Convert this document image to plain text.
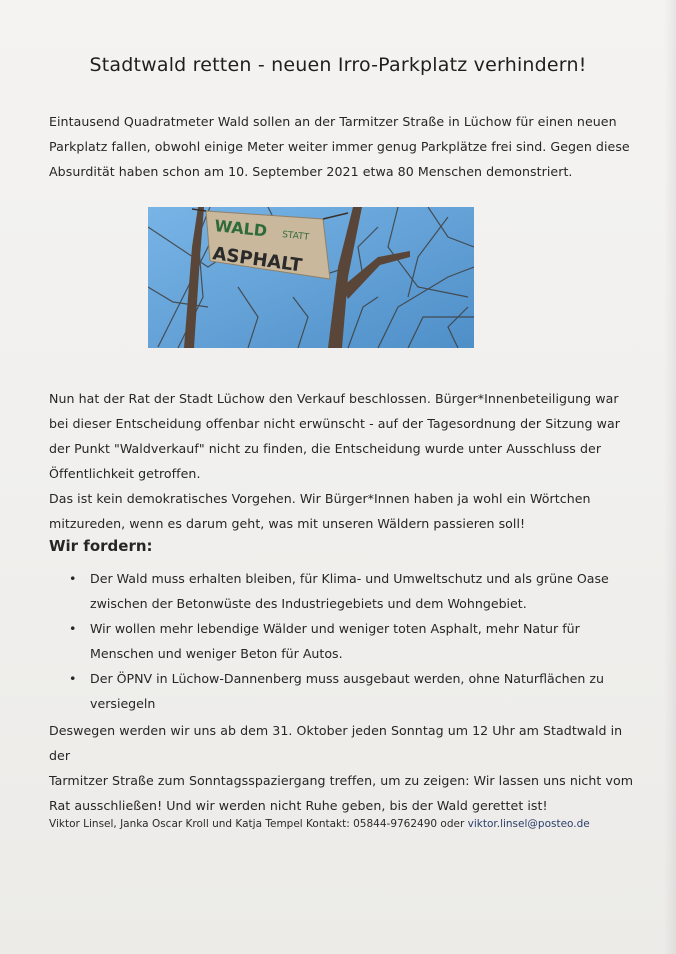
Stadtwald retten - neuen Irro-Parkplatz verhindern!

Eintausend Quadratmeter Wald sollen an der Tarmitzer Straße in Lüchow für einen neuen
Parkplatz fallen, obwohl einige Meter weiter immer genug Parkplätze frei sind. Gegen diese
Absurdität haben schon am 10. September 2021 etwa 80 Menschen demonstriert.

WALD STATT
ASPHALT

Nun hat der Rat der Stadt Lüchow den Verkauf beschlossen. Bürger*Innenbeteiligung war
bei dieser Entscheidung offenbar nicht erwünscht - auf der Tagesordnung der Sitzung war
der Punkt "Waldverkauf" nicht zu finden, die Entscheidung wurde unter Ausschluss der
Öffentlichkeit getroffen.
Das ist kein demokratisches Vorgehen. Wir Bürger*Innen haben ja wohl ein Wörtchen
mitzureden, wenn es darum geht, was mit unseren Wäldern passieren soll!

Wir fordern:
• Der Wald muss erhalten bleiben, für Klima- und Umweltschutz und als grüne Oase
zwischen der Betonwüste des Industriegebiets und dem Wohngebiet.
• Wir wollen mehr lebendige Wälder und weniger toten Asphalt, mehr Natur für
Menschen und weniger Beton für Autos.
• Der ÖPNV in Lüchow-Dannenberg muss ausgebaut werden, ohne Naturflächen zu
versiegeln

Deswegen werden wir uns ab dem 31. Oktober jeden Sonntag um 12 Uhr am Stadtwald in der
Tarmitzer Straße zum Sonntagsspaziergang treffen, um zu zeigen: Wir lassen uns nicht vom
Rat ausschließen! Und wir werden nicht Ruhe geben, bis der Wald gerettet ist!

Viktor Linsel, Janka Oscar Kroll und Katja Tempel Kontakt: 05844-9762490 oder viktor.linsel@posteo.de
